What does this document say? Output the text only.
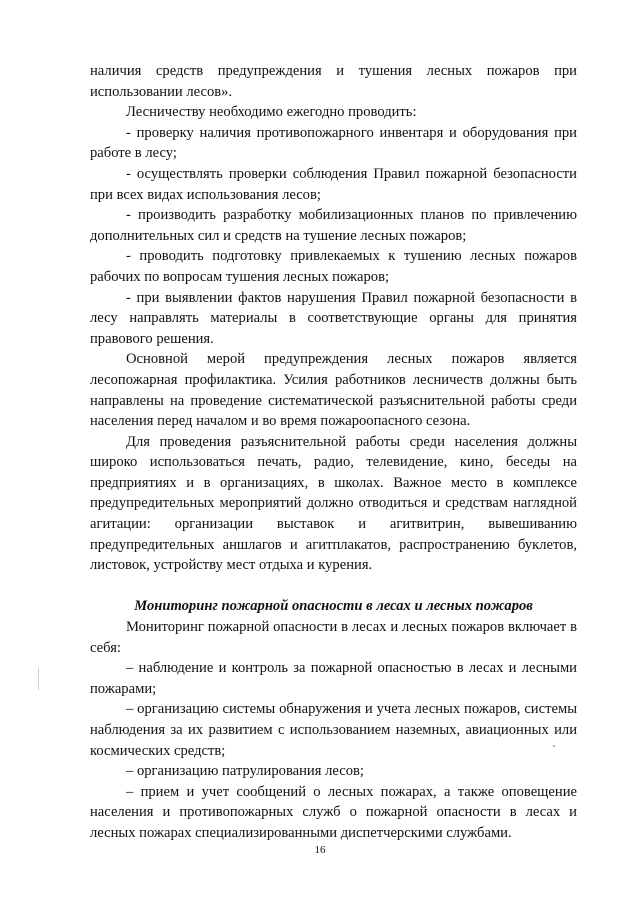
наличия средств предупреждения и тушения лесных пожаров при использовании лесов».

Лесничеству необходимо ежегодно проводить:

- проверку наличия противопожарного инвентаря и оборудования при работе в лесу;

- осуществлять проверки соблюдения Правил пожарной безопасности при всех видах использования лесов;

- производить разработку мобилизационных планов по привлечению дополнительных сил и средств на тушение лесных пожаров;

- проводить подготовку привлекаемых к тушению лесных пожаров рабочих по вопросам тушения лесных пожаров;

- при выявлении фактов нарушения Правил пожарной безопасности в лесу направлять материалы в соответствующие органы для принятия правового решения.

Основной мерой предупреждения лесных пожаров является лесопожарная профилактика. Усилия работников лесничеств должны быть направлены на проведение систематической разъяснительной работы среди населения перед началом и во время пожароопасного сезона.

Для проведения разъяснительной работы среди населения должны широко использоваться печать, радио, телевидение, кино, беседы на предприятиях и в организациях, в школах. Важное место в комплексе предупредительных мероприятий должно отводиться и средствам наглядной агитации: организации выставок и агитвитрин, вывешиванию предупредительных аншлагов и агитплакатов, распространению буклетов, листовок, устройству мест отдыха и курения.

Мониторинг пожарной опасности в лесах и лесных пожаров

Мониторинг пожарной опасности в лесах и лесных пожаров включает в себя:

– наблюдение и контроль за пожарной опасностью в лесах и лесными пожарами;

– организацию системы обнаружения и учета лесных пожаров, системы наблюдения за их развитием с использованием наземных, авиационных или космических средств;

– организацию патрулирования лесов;

– прием и учет сообщений о лесных пожарах, а также оповещение населения и противопожарных служб о пожарной опасности в лесах и лесных пожарах специализированными диспетчерскими службами.

16
